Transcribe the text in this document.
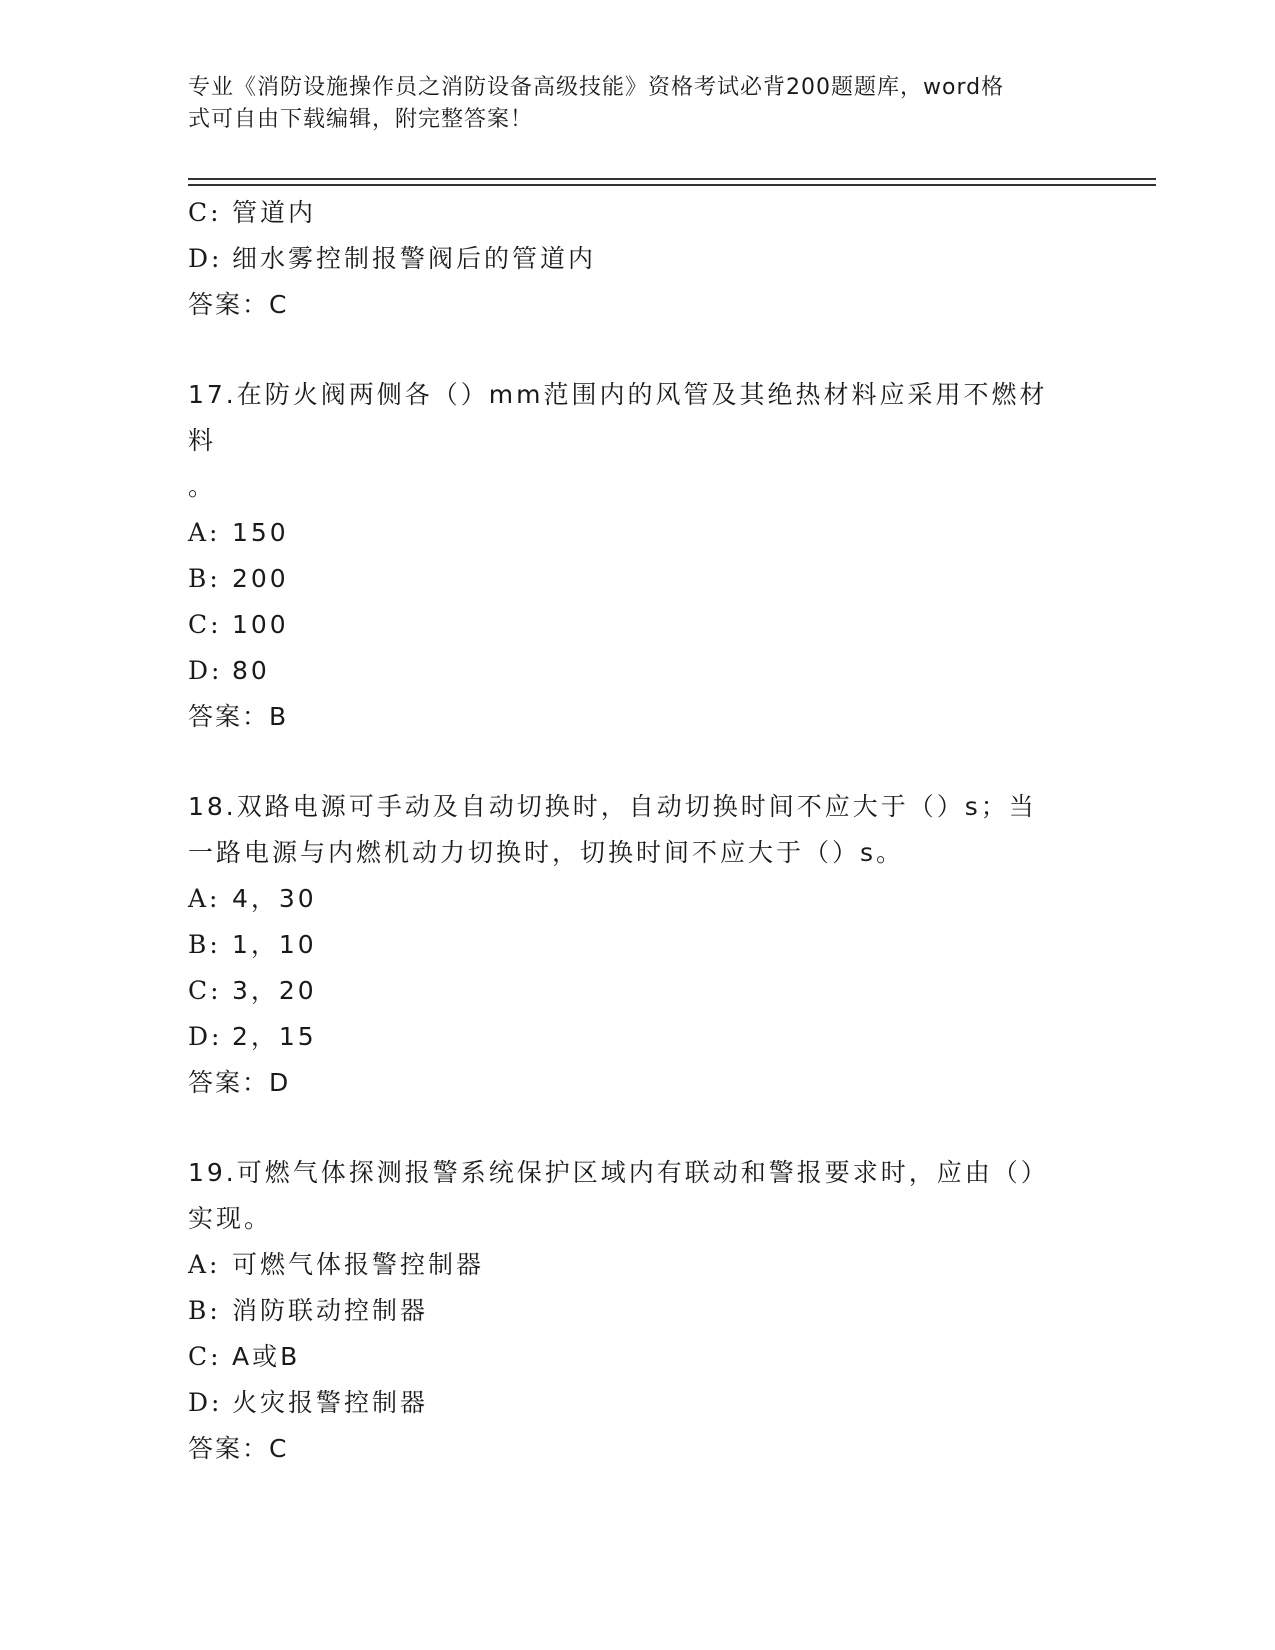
专业《消防设施操作员之消防设备高级技能》资格考试必背200题题库，word格
式可自由下载编辑，附完整答案！
C: 管道内
D: 细水雾控制报警阀后的管道内
答案：C
17.在防火阀两侧各（）mm范围内的风管及其绝热材料应采用不燃材料
。
A: 150
B: 200
C: 100
D: 80
答案：B
18.双路电源可手动及自动切换时，自动切换时间不应大于（）s；当
一路电源与内燃机动力切换时，切换时间不应大于（）s。
A: 4，30
B: 1，10
C: 3，20
D: 2，15
答案：D
19.可燃气体探测报警系统保护区域内有联动和警报要求时，应由（）
实现。
A: 可燃气体报警控制器
B: 消防联动控制器
C: A或B
D: 火灾报警控制器
答案：C
